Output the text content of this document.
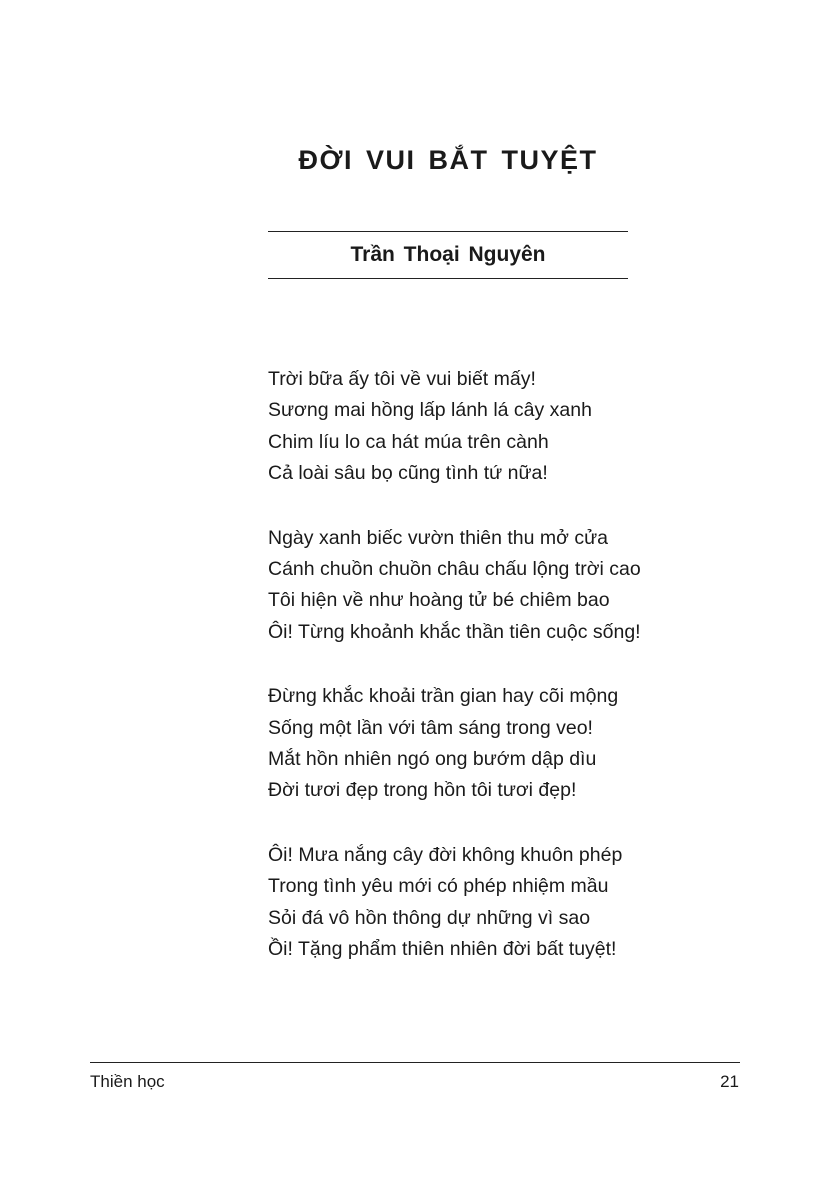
ĐỜI VUI BẮT TUYỆT

Trần Thoại Nguyên

Trời bữa ấy tôi về vui biết mấy!
Sương mai hồng lấp lánh lá cây xanh
Chim líu lo ca hát múa trên cành
Cả loài sâu bọ cũng tình tứ nữa!
Ngày xanh biếc vườn thiên thu mở cửa
Cánh chuồn chuồn châu chấu lộng trời cao
Tôi hiện về như hoàng tử bé chiêm bao
Ôi! Từng khoảnh khắc thần tiên cuộc sống!
Đừng khắc khoải trần gian hay cõi mộng
Sống một lần với tâm sáng trong veo!
Mắt hồn nhiên ngó ong bướm dập dìu
Đời tươi đẹp trong hồn tôi tươi đẹp!
Ôi! Mưa nắng cây đời không khuôn phép
Trong tình yêu mới có phép nhiệm mầu
Sỏi đá vô hồn thông dự những vì sao
Ồi! Tặng phẩm thiên nhiên đời bất tuyệt!
Thiền học	21
